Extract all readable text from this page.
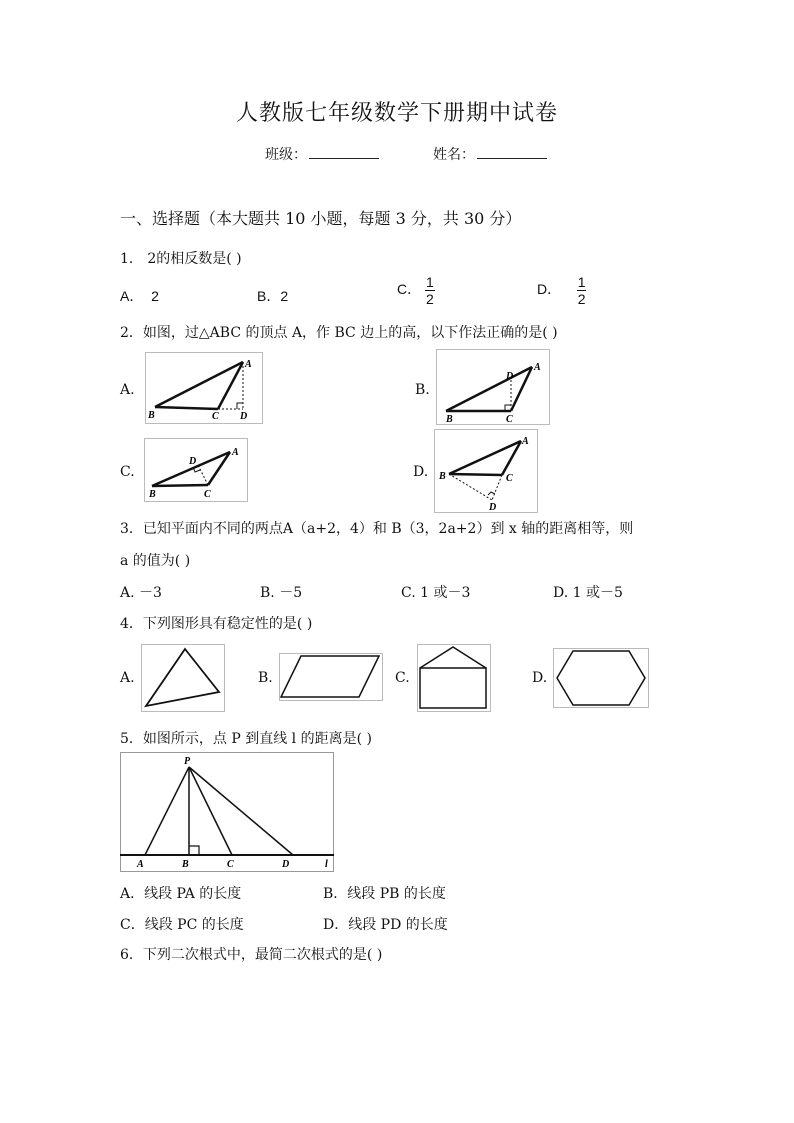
人教版七年级数学下册期中试卷
班级：	姓名：
一、选择题（本大题共 10 小题，每题 3 分，共 30 分）
1． 2的相反数是( )
A． 2	B．2	C． $\frac{1}{2}$	D． $\frac{1}{2}$
2．如图，过△ABC 的顶点 A，作 BC 边上的高，以下作法正确的是( )
A.
A
B	C D
B.
A
B	C
D
C.
A
B	C
D
D.
A
B	C
D
3．已知平面内不同的两点A（a+2，4）和 B（3，2a+2）到 x 轴的距离相等，则
a 的值为( )
A. －3	B. －5	C. 1 或－3	D. 1 或－5
4．下列图形具有稳定性的是( )
A.	B.	C.	D.
5．如图所示，点 P 到直线 l 的距离是( )
P
A	B	C	D	l
A．线段 PA 的长度	B．线段 PB 的长度
C．线段 PC 的长度	D．线段 PD 的长度
6．下列二次根式中，最简二次根式的是( )
